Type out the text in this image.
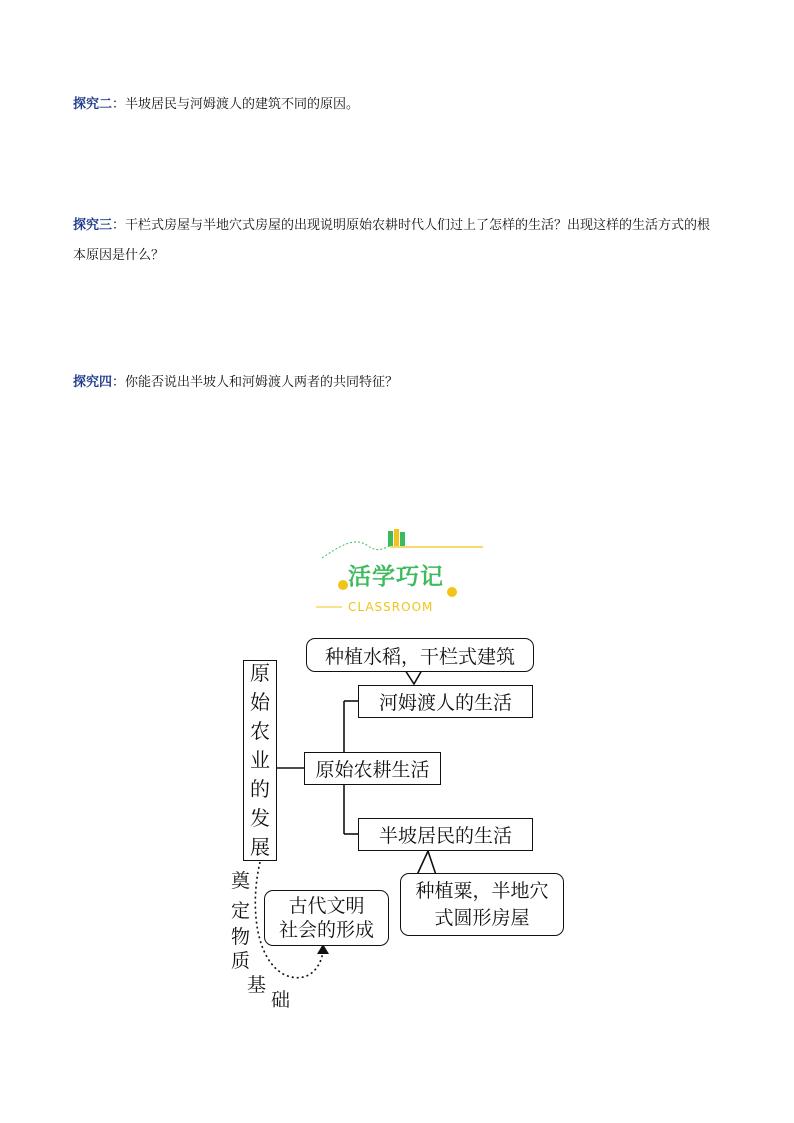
探究二：半坡居民与河姆渡人的建筑不同的原因。
探究三：干栏式房屋与半地穴式房屋的出现说明原始农耕时代人们过上了怎样的生活？出现这样的生活方式的根本原因是什么？
探究四：你能否说出半坡人和河姆渡人两者的共同特征？
活学巧记
CLASSROOM
原
始
农
业
的
发
展
原始农耕生活
河姆渡人的生活
半坡居民的生活
种植水稻，干栏式建筑
种植粟，半地穴
式圆形房屋
古代文明
社会的形成
奠
定
物
质
基
础
